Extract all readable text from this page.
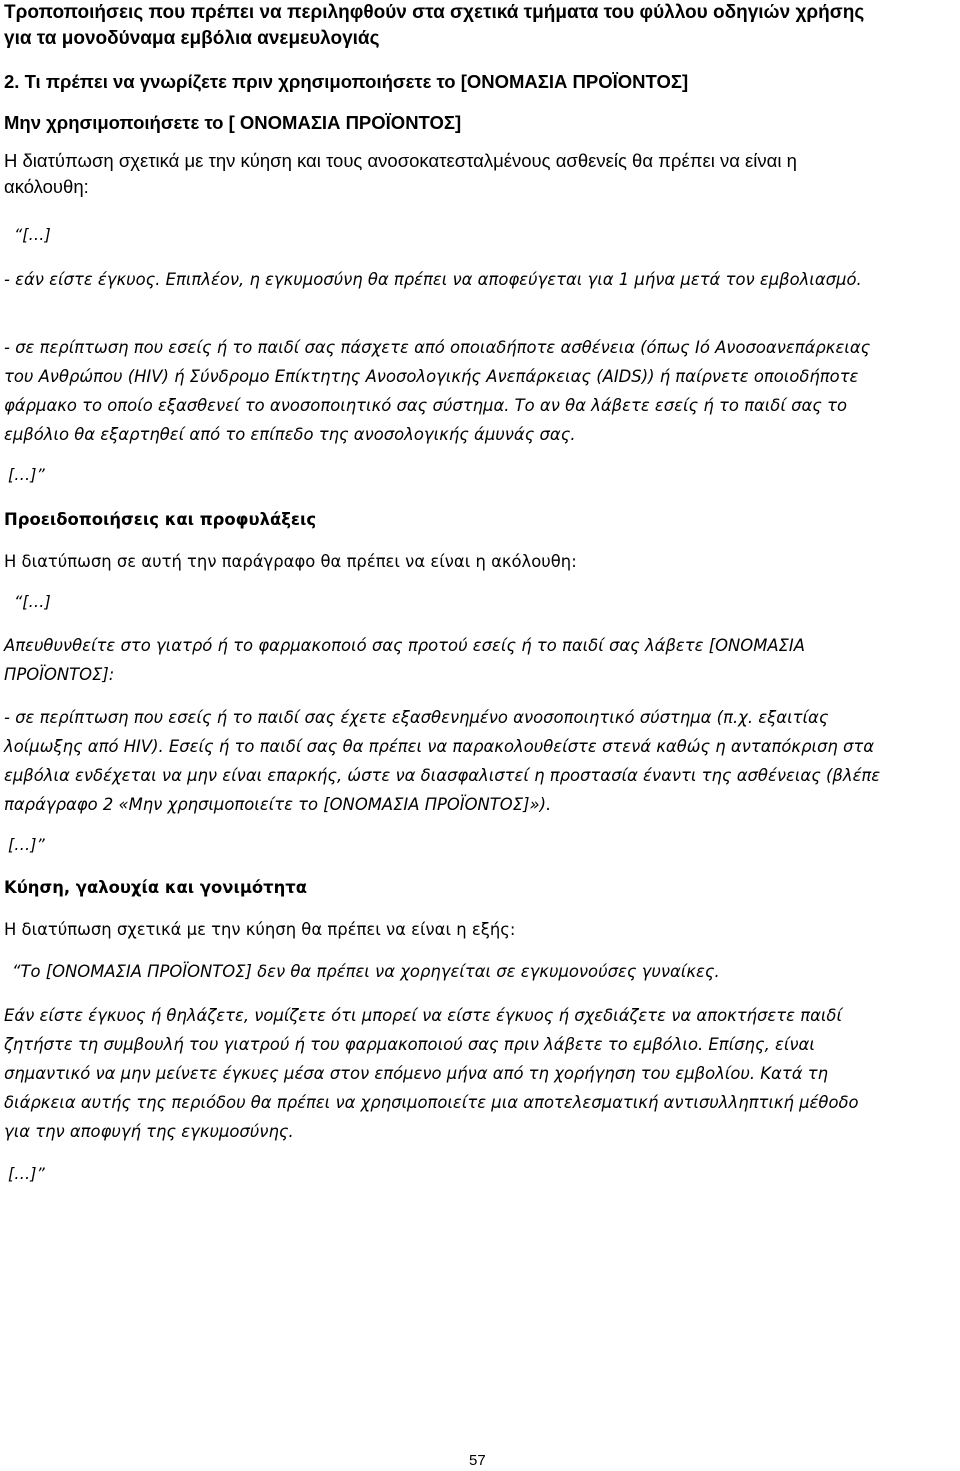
Τροποποιήσεις που πρέπει να περιληφθούν στα σχετικά τμήματα του φύλλου οδηγιών χρήσης
για τα μονοδύναμα εμβόλια ανεμευλογιάς
2. Τι πρέπει να γνωρίζετε πριν χρησιμοποιήσετε το [ΟΝΟΜΑΣΙΑ ΠΡΟΪΟΝΤΟΣ]
Μην χρησιμοποιήσετε το [ ΟΝΟΜΑΣΙΑ ΠΡΟΪΟΝΤΟΣ]
Η διατύπωση σχετικά με την κύηση και τους ανοσοκατεσταλμένους ασθενείς θα πρέπει να είναι η
ακόλουθη:
“[…]
- εάν είστε έγκυος. Επιπλέον, η εγκυμοσύνη θα πρέπει να αποφεύγεται για 1 μήνα μετά τον εμβολιασμό.
- σε περίπτωση που εσείς ή το παιδί σας πάσχετε από οποιαδήποτε ασθένεια (όπως Ιό Ανοσοανεπάρκειας
του Ανθρώπου (HIV) ή Σύνδρομο Επίκτητης Ανοσολογικής Ανεπάρκειας (AIDS)) ή παίρνετε οποιοδήποτε
φάρμακο το οποίο εξασθενεί το ανοσοποιητικό σας σύστημα. Το αν θα λάβετε εσείς ή το παιδί σας το
εμβόλιο θα εξαρτηθεί από το επίπεδο της ανοσολογικής άμυνάς σας.
[…]”
Προειδοποιήσεις και προφυλάξεις
Η διατύπωση σε αυτή την παράγραφο θα πρέπει να είναι η ακόλουθη:
“[…]
Απευθυνθείτε στο γιατρό ή το φαρμακοποιό σας προτού εσείς ή το παιδί σας λάβετε [ΟΝΟΜΑΣΙΑ
ΠΡΟΪΟΝΤΟΣ]:
- σε περίπτωση που εσείς ή το παιδί σας έχετε εξασθενημένο ανοσοποιητικό σύστημα (π.χ. εξαιτίας
λοίμωξης από HIV). Εσείς ή το παιδί σας θα πρέπει να παρακολουθείστε στενά καθώς η ανταπόκριση στα
εμβόλια ενδέχεται να μην είναι επαρκής, ώστε να διασφαλιστεί η προστασία έναντι της ασθένειας (βλέπε
παράγραφο 2 «Μην χρησιμοποιείτε το [ΟΝΟΜΑΣΙΑ ΠΡΟΪΟΝΤΟΣ]»).
[…]”
Κύηση, γαλουχία και γονιμότητα
Η διατύπωση σχετικά με την κύηση θα πρέπει να είναι η εξής:
“Το [ΟΝΟΜΑΣΙΑ ΠΡΟΪΟΝΤΟΣ] δεν θα πρέπει να χορηγείται σε εγκυμονούσες γυναίκες.
Εάν είστε έγκυος ή θηλάζετε, νομίζετε ότι μπορεί να είστε έγκυος ή σχεδιάζετε να αποκτήσετε παιδί
ζητήστε τη συμβουλή του γιατρού ή του φαρμακοποιού σας πριν λάβετε το εμβόλιο. Επίσης, είναι
σημαντικό να μην μείνετε έγκυες μέσα στον επόμενο μήνα από τη χορήγηση του εμβολίου. Κατά τη
διάρκεια αυτής της περιόδου θα πρέπει να χρησιμοποιείτε μια αποτελεσματική αντισυλληπτική μέθοδο
για την αποφυγή της εγκυμοσύνης.
[…]”
57
